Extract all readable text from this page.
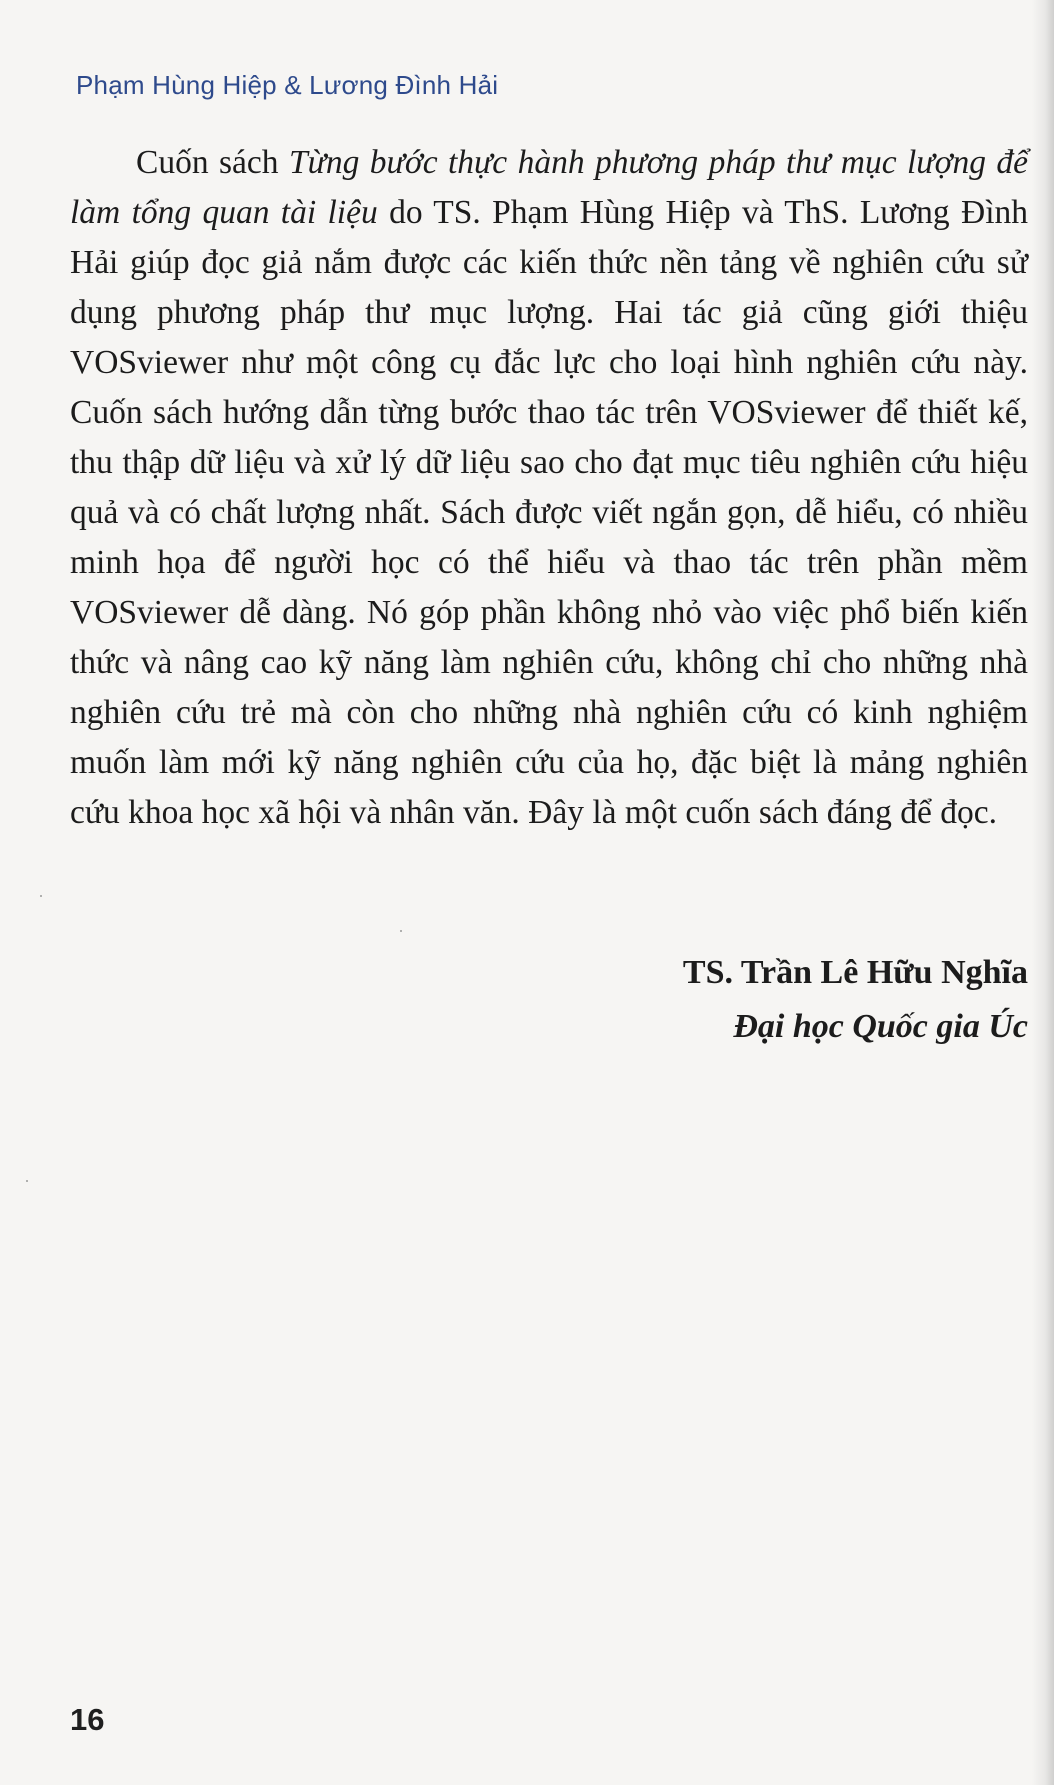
Phạm Hùng Hiệp & Lương Đình Hải

Cuốn sách Từng bước thực hành phương pháp thư mục lượng để làm tổng quan tài liệu do TS. Phạm Hùng Hiệp và ThS. Lương Đình Hải giúp đọc giả nắm được các kiến thức nền tảng về nghiên cứu sử dụng phương pháp thư mục lượng. Hai tác giả cũng giới thiệu VOSviewer như một công cụ đắc lực cho loại hình nghiên cứu này. Cuốn sách hướng dẫn từng bước thao tác trên VOSviewer để thiết kế, thu thập dữ liệu và xử lý dữ liệu sao cho đạt mục tiêu nghiên cứu hiệu quả và có chất lượng nhất. Sách được viết ngắn gọn, dễ hiểu, có nhiều minh họa để người học có thể hiểu và thao tác trên phần mềm VOSviewer dễ dàng. Nó góp phần không nhỏ vào việc phổ biến kiến thức và nâng cao kỹ năng làm nghiên cứu, không chỉ cho những nhà nghiên cứu trẻ mà còn cho những nhà nghiên cứu có kinh nghiệm muốn làm mới kỹ năng nghiên cứu của họ, đặc biệt là mảng nghiên cứu khoa học xã hội và nhân văn. Đây là một cuốn sách đáng để đọc.

TS. Trần Lê Hữu Nghĩa
Đại học Quốc gia Úc
16
